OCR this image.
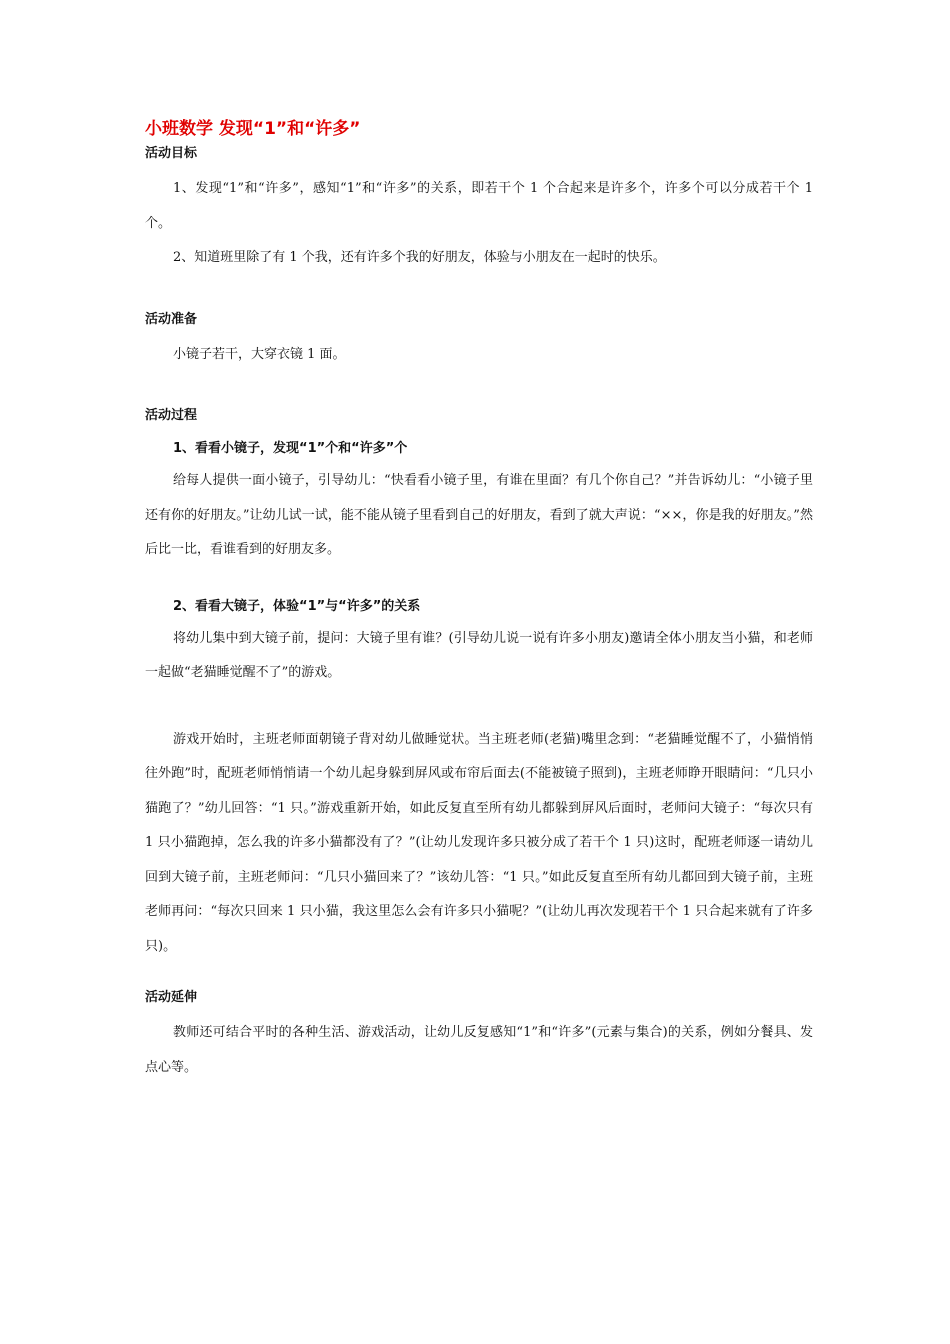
小班数学 发现“1”和“许多”
活动目标

1、发现“1”和“许多”，感知“1”和“许多”的关系，即若干个 1 个合起来是许多个，许多个可以分成若干个 1 个。

2、知道班里除了有 1 个我，还有许多个我的好朋友，体验与小朋友在一起时的快乐。

活动准备

小镜子若干，大穿衣镜 1 面。

活动过程
1、看看小镜子，发现“1”个和“许多”个

给每人提供一面小镜子，引导幼儿：“快看看小镜子里，有谁在里面？有几个你自己？”并告诉幼儿：“小镜子里还有你的好朋友。”让幼儿试一试，能不能从镜子里看到自己的好朋友，看到了就大声说：“××，你是我的好朋友。”然后比一比，看谁看到的好朋友多。

2、看看大镜子，体验“1”与“许多”的关系

将幼儿集中到大镜子前，提问：大镜子里有谁？(引导幼儿说一说有许多小朋友)邀请全体小朋友当小猫，和老师一起做“老猫睡觉醒不了”的游戏。

游戏开始时，主班老师面朝镜子背对幼儿做睡觉状。当主班老师(老猫)嘴里念到：“老猫睡觉醒不了，小猫悄悄往外跑”时，配班老师悄悄请一个幼儿起身躲到屏风或布帘后面去(不能被镜子照到)，主班老师睁开眼睛问：“几只小猫跑了？”幼儿回答：“1 只。”游戏重新开始，如此反复直至所有幼儿都躲到屏风后面时，老师问大镜子：“每次只有 1 只小猫跑掉，怎么我的许多小猫都没有了？”(让幼儿发现许多只被分成了若干个 1 只)这时，配班老师逐一请幼儿回到大镜子前，主班老师问：“几只小猫回来了？”该幼儿答：“1 只。”如此反复直至所有幼儿都回到大镜子前，主班老师再问：“每次只回来 1 只小猫，我这里怎么会有许多只小猫呢？”(让幼儿再次发现若干个 1 只合起来就有了许多只)。

活动延伸

教师还可结合平时的各种生活、游戏活动，让幼儿反复感知“1”和“许多”(元素与集合)的关系，例如分餐具、发点心等。
